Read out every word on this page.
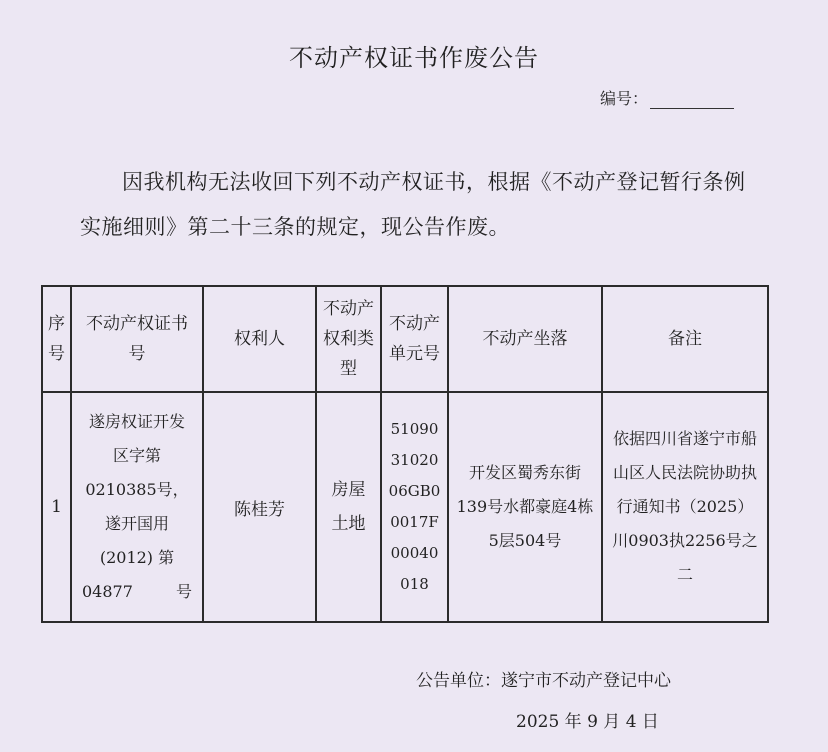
不动产权证书作废公告
编号：
因我机构无法收回下列不动产权证书，根据《不动产登记暂行条例实施细则》第二十三条的规定，现公告作废。
序号	不动产权证书号	权利人	不动产权利类型	不动产单元号	不动产坐落	备注
1	遂房权证开发区字第0210385号，遂开国用(2012) 第04877号	陈桂芳	房屋土地	510903102006GB00017F00040018	开发区蜀秀东街139号水都豪庭4栋5层504号	依据四川省遂宁市船山区人民法院协助执行通知书（2025）川0903执2256号之二
公告单位：遂宁市不动产登记中心
2025 年 9 月 4 日
